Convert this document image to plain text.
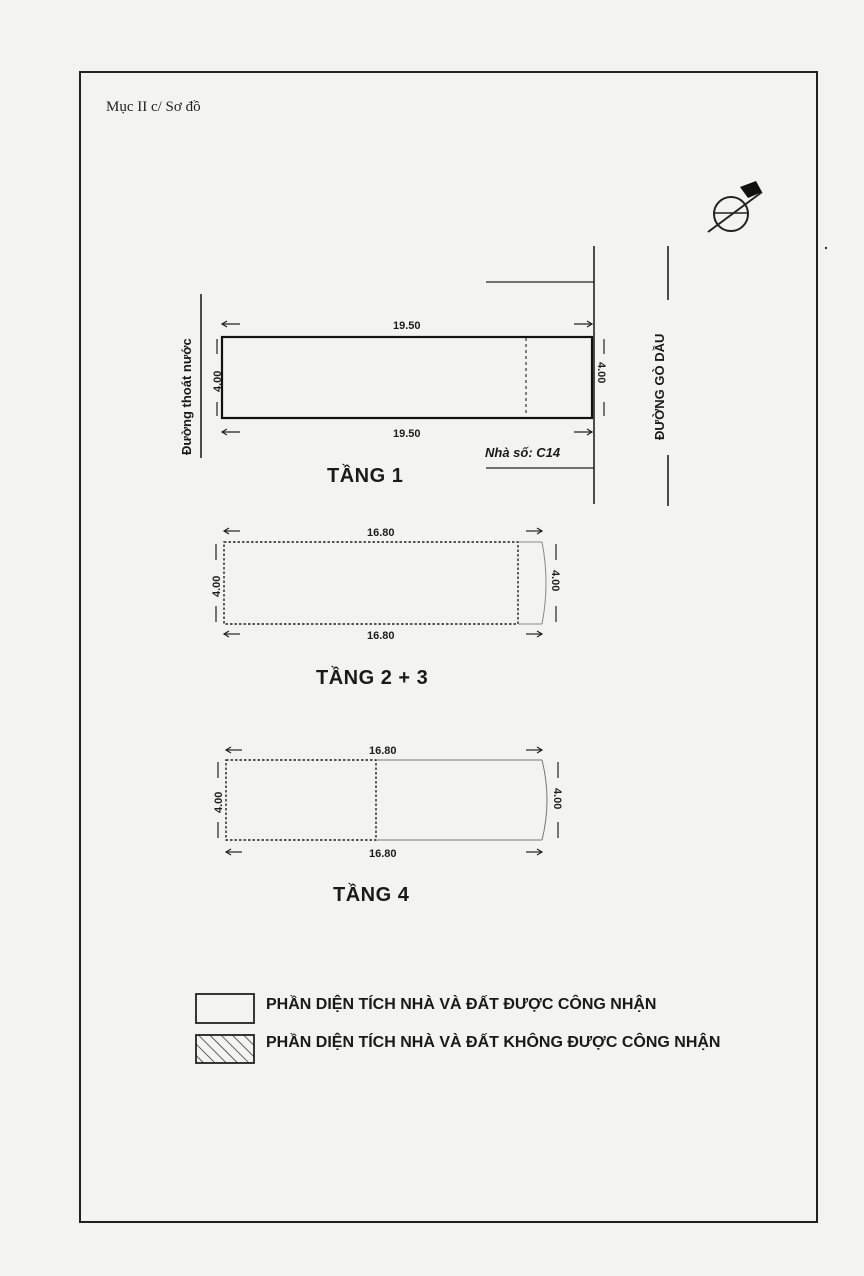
Mục II c/ Sơ đồ
Đường thoát nước
19.50
19.50
4.00	4.00	ĐƯỜNG GÒ DẦU
Nhà số: C14
TẦNG 1
16.80
16.80
4.00	4.00
TẦNG 2 + 3
16.80
16.80
4.00	4.00
TẦNG 4
PHẦN DIỆN TÍCH NHÀ VÀ ĐẤT ĐƯỢC CÔNG NHẬN
PHẦN DIỆN TÍCH NHÀ VÀ ĐẤT KHÔNG ĐƯỢC CÔNG NHẬN
